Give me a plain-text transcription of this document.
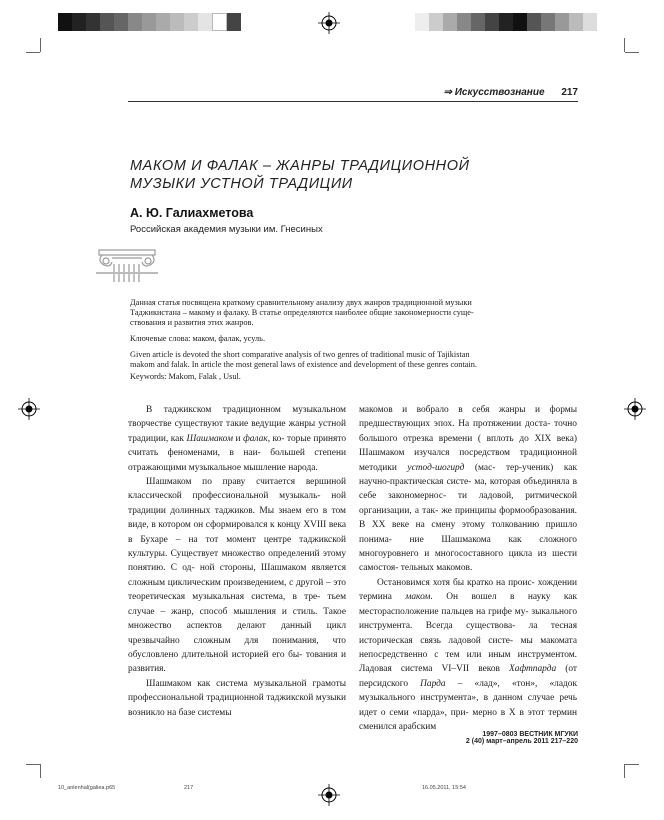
⇒ Искусствознание 217
МАКОМ И ФАЛАК – ЖАНРЫ ТРАДИЦИОННОЙ
МУЗЫКИ УСТНОЙ ТРАДИЦИИ
А. Ю. Галиахметова
Российская академия музыки им. Гнесиных
Данная статья посвящена краткому сравнительному анализу двух жанров традиционной музыки
Таджикистана – макому и фалаку. В статье определяются наиболее общие закономерности суще-
ствования и развития этих жанров.
Ключевые слова: маком, фалак, усуль.
Given article is devoted the short comparative analysis of two genres of traditional music of Tajikistan
makom and falak. In article the most general laws of existence and development of these genres contain.
Keywords: Makom, Falak , Usul.

В таджикском традиционном музыкальном творчестве существуют такие ведущие жанры устной традиции, как Шашмаком и фалак, ко- торые принято считать феноменами, в наи- большей степени отражающими музыкальное мышление народа.

Шашмаком по праву считается вершиной классической профессиональной музыкаль- ной традиции долинных таджиков. Мы знаем его в том виде, в котором он сформировался к концу XVIII века в Бухаре – на тот момент центре таджикской культуры. Существует множество определений этому понятию. С од- ной стороны, Шашмаком является сложным циклическим произведением, с другой – это теоретическая музыкальная система, в тре- тьем случае – жанр, способ мышления и стиль. Такое множество аспектов делают данный цикл чрезвычайно сложным для понимания, что обусловлено длительной историей его бы- тования и развития.

Шашмаком как система музыкальной грамоты профессиональной традиционной таджикской музыки возникло на базе системы

макомов и вобрало в себя жанры и формы предшествующих эпох. На протяжении доста- точно большого отрезка времени ( вплоть до XIX века) Шашмаком изучался посредством традиционной методики устод-шогирд (мас- тер-ученик) как научно-практическая систе- ма, которая объединяла в себе закономернос- ти ладовой, ритмической организации, а так- же принципы формообразования. В XX веке на смену этому толкованию пришло понима- ние Шашмакома как сложного многоуровнего и многосоставного цикла из шести самостоя- тельных макомов.

Остановимся хотя бы кратко на проис- хождении термина маком. Он вошел в науку как месторасположение пальцев на грифе му- зыкального инструмента. Всегда существова- ла тесная историческая связь ладовой систе- мы макомата непосредственно с тем или иным инструментом. Ладовая система VI–VII веков Хафтпарда (от персидского Парда – «лад», «тон», «ладок музыкального инструмента», в данном случае речь идет о семи «парда», при- мерно в Х в этот термин сменился арабским

1997–0803 ВЕСТНИК МГУКИ
2 (40) март–апрель 2011 217–220
10_anlenhal(galiea.p65	217	16.05.2011, 15:54
